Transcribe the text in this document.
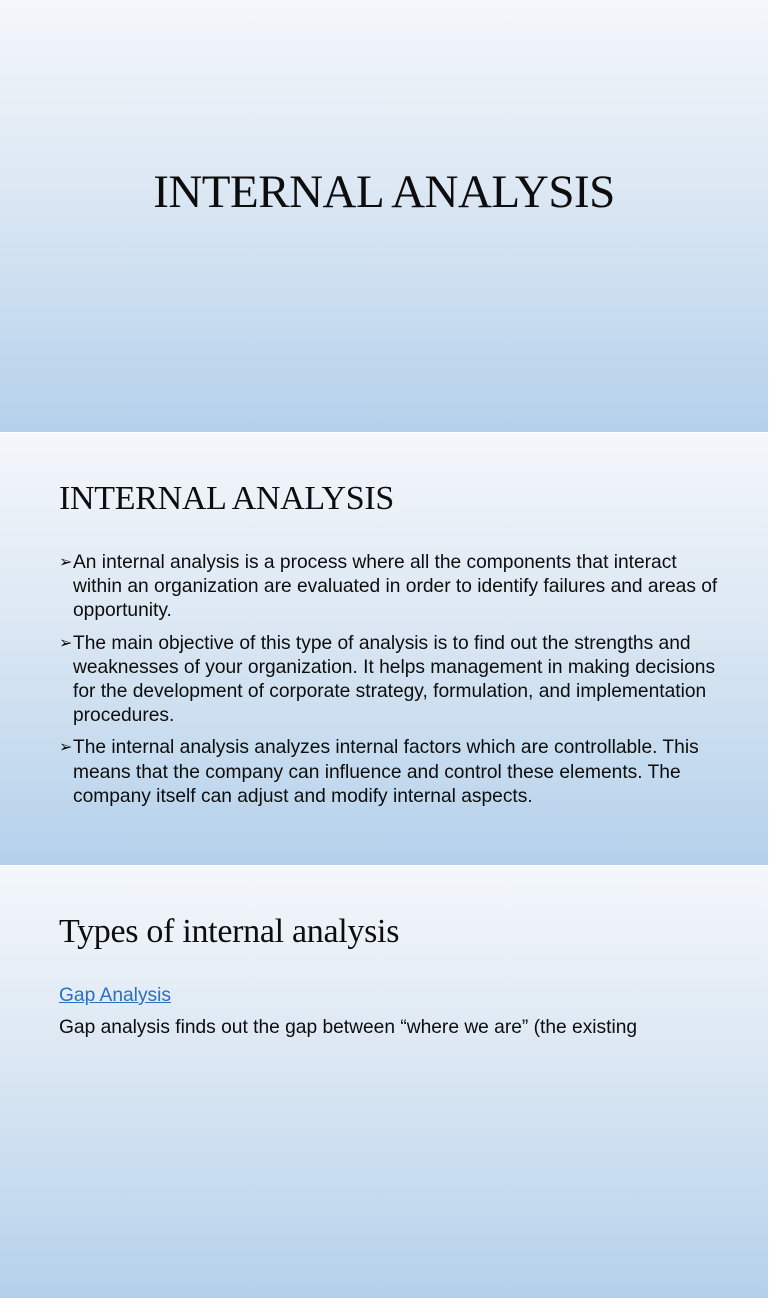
INTERNAL ANALYSIS
INTERNAL ANALYSIS
➢ An internal analysis is a process where all the components that interact within an organization are evaluated in order to identify failures and areas of opportunity.
➢ The main objective of this type of analysis is to find out the strengths and weaknesses of your organization. It helps management in making decisions for the development of corporate strategy, formulation, and implementation procedures.
➢ The internal analysis analyzes internal factors which are controllable. This means that the company can influence and control these elements. The company itself can adjust and modify internal aspects.
Types of internal analysis
Gap Analysis

Gap analysis finds out the gap between “where we are” (the existing
